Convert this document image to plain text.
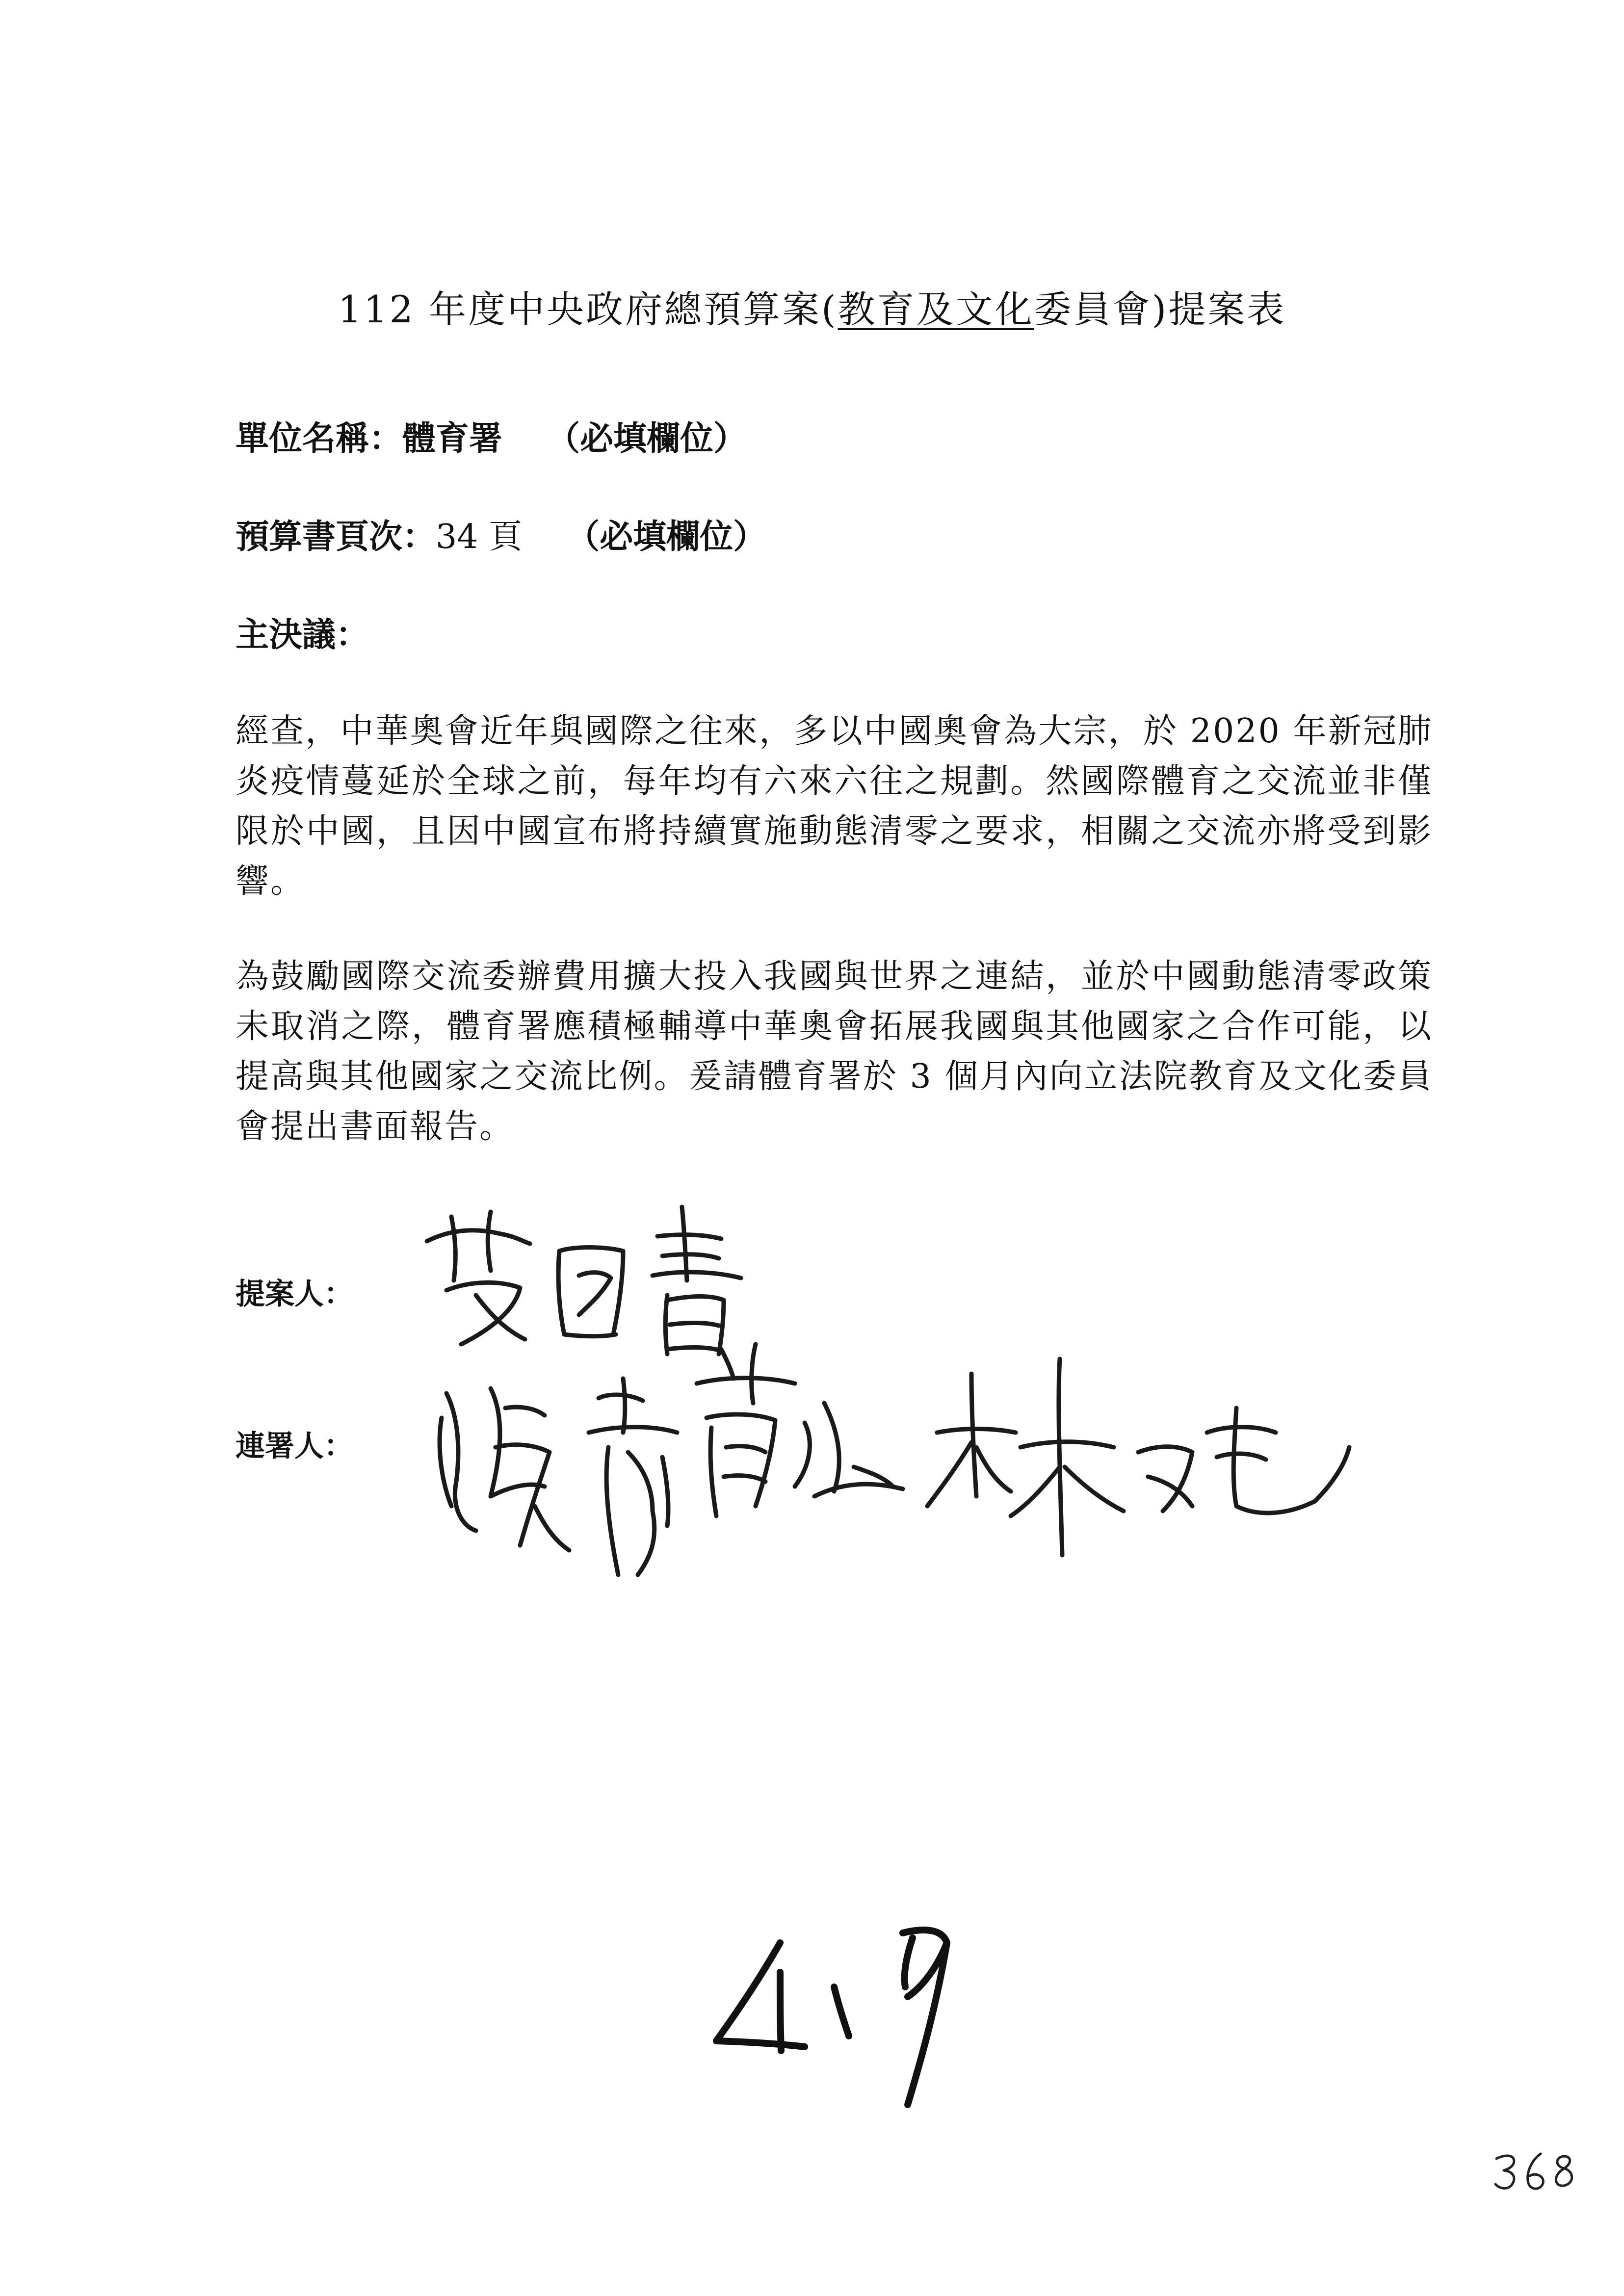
112 年度中央政府總預算案(教育及文化委員會)提案表
單位名稱：體育署 （必填欄位）
預算書頁次：34 頁 （必填欄位）
主決議：

經查，中華奧會近年與國際之往來，多以中國奧會為大宗，於 2020 年新冠肺炎疫情蔓延於全球之前，每年均有六來六往之規劃。然國際體育之交流並非僅限於中國，且因中國宣布將持續實施動態清零之要求，相關之交流亦將受到影響。

為鼓勵國際交流委辦費用擴大投入我國與世界之連結，並於中國動態清零政策未取消之際，體育署應積極輔導中華奧會拓展我國與其他國家之合作可能，以提高與其他國家之交流比例。爰請體育署於 3 個月內向立法院教育及文化委員會提出書面報告。

提案人：
連署人：
